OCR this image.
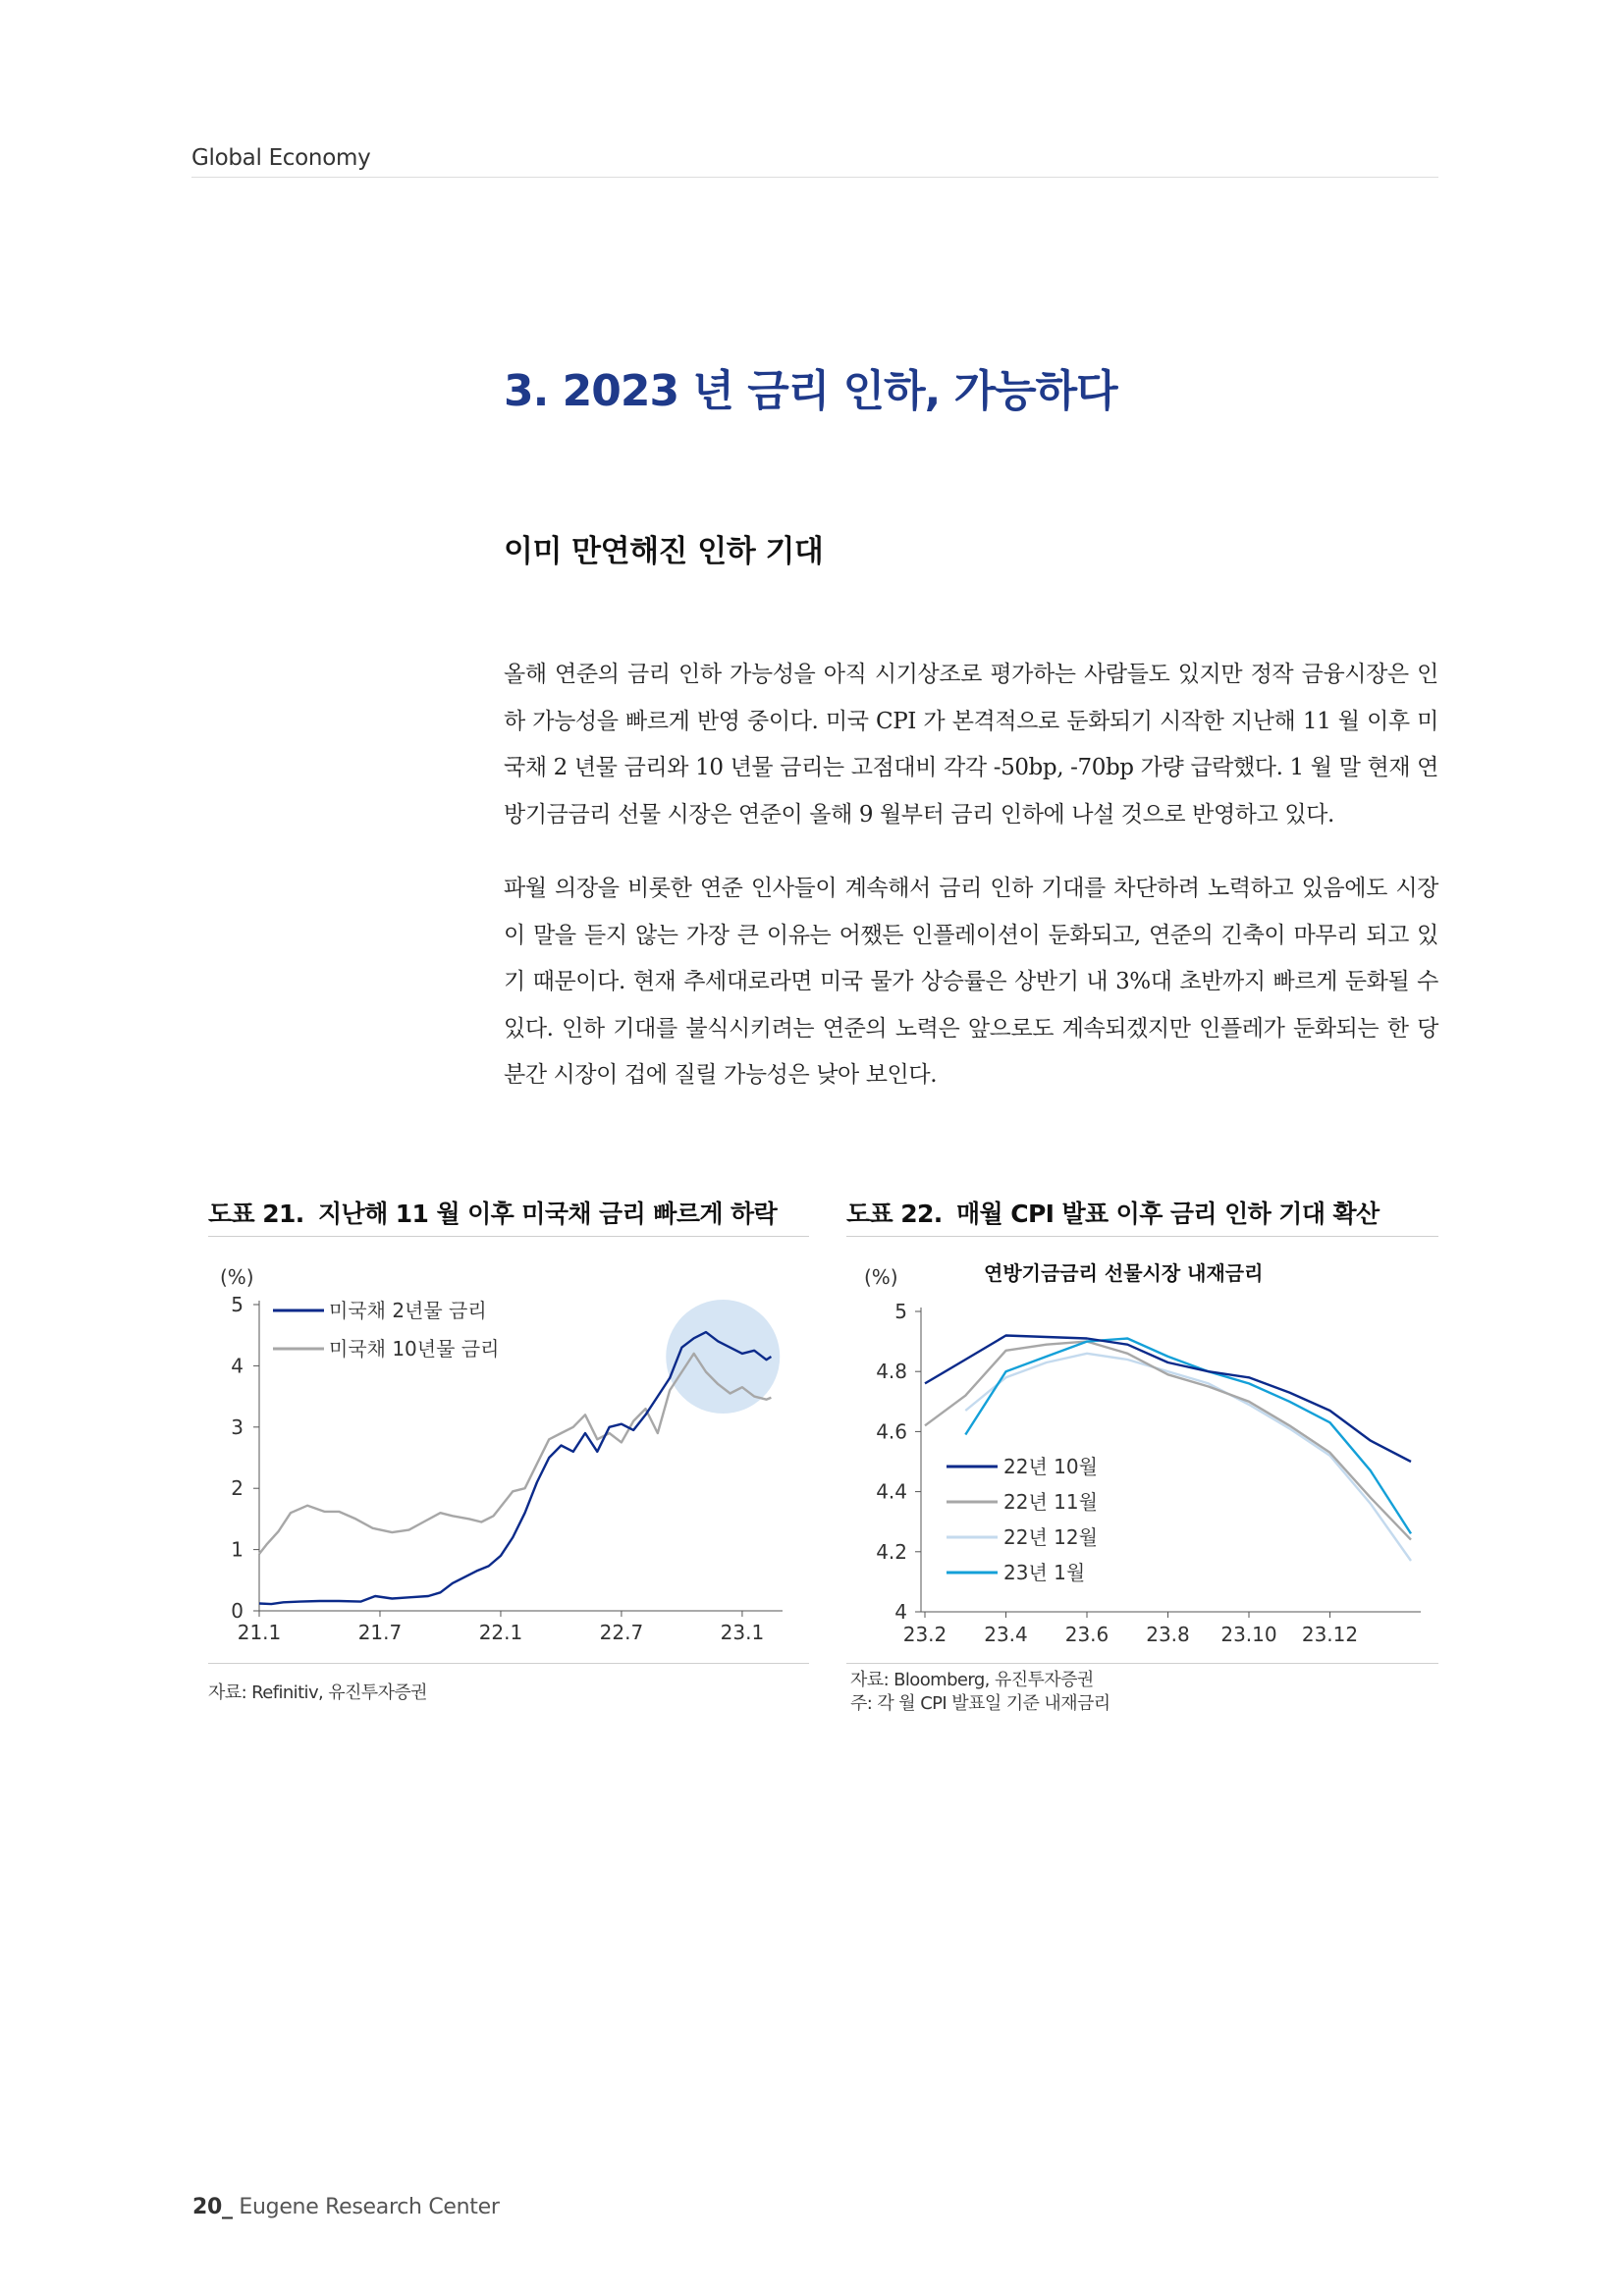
Global Economy
3. 2023 년 금리 인하, 가능하다
이미 만연해진 인하 기대
올해 연준의 금리 인하 가능성을 아직 시기상조로 평가하는 사람들도 있지만 정작 금융시장은 인하 가능성을 빠르게 반영 중이다. 미국 CPI 가 본격적으로 둔화되기 시작한 지난해 11 월 이후 미국채 2 년물 금리와 10 년물 금리는 고점대비 각각 -50bp, -70bp 가량 급락했다. 1 월 말 현재 연방기금금리 선물 시장은 연준이 올해 9 월부터 금리 인하에 나설 것으로 반영하고 있다.
파월 의장을 비롯한 연준 인사들이 계속해서 금리 인하 기대를 차단하려 노력하고 있음에도 시장이 말을 듣지 않는 가장 큰 이유는 어쨌든 인플레이션이 둔화되고, 연준의 긴축이 마무리 되고 있기 때문이다. 현재 추세대로라면 미국 물가 상승률은 상반기 내 3%대 초반까지 빠르게 둔화될 수 있다. 인하 기대를 불식시키려는 연준의 노력은 앞으로도 계속되겠지만 인플레가 둔화되는 한 당분간 시장이 겁에 질릴 가능성은 낮아 보인다.
도표 21. 지난해 11 월 이후 미국채 금리 빠르게 하락
(%)
0
1
2
3
4
5
21.1	21.7	22.1	22.7	23.1
미국채 2년물 금리
미국채 10년물 금리
자료: Refinitiv, 유진투자증권
도표 22. 매월 CPI 발표 이후 금리 인하 기대 확산
(%)	연방기금금리 선물시장 내재금리
4
4.2
4.4
4.6
4.8
5
23.2 23.4 23.6 23.8 23.10 23.12
22년 10월
22년 11월
22년 12월
23년 1월
자료: Bloomberg, 유진투자증권
주: 각 월 CPI 발표일 기준 내재금리
20_ Eugene Research Center
